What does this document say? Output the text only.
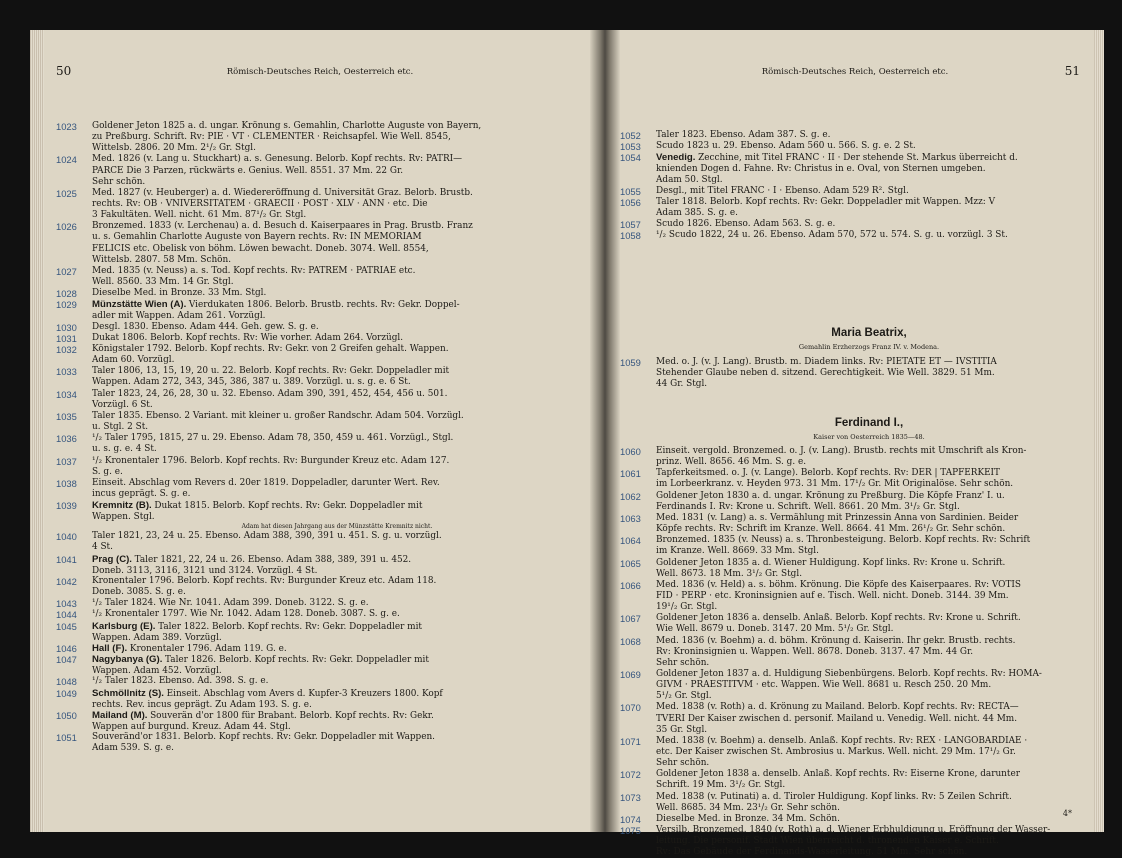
50	Römisch-Deutsches Reich, Oesterreich etc.
1023	Goldener Jeton 1825 a. d. ungar. Krönung s. Gemahlin, Charlotte Auguste von Bayern,
zu Preßburg. Schrift. Rv: PIE · VT · CLEMENTER · Reichsapfel. Wie Well. 8545,
Wittelsb. 2806. 20 Mm. 2¹/₂ Gr. Stgl.
1024	Med. 1826 (v. Lang u. Stuckhart) a. s. Genesung. Belorb. Kopf rechts. Rv: PATRI—
PARCE Die 3 Parzen, rückwärts e. Genius. Well. 8551. 37 Mm. 22 Gr.
Sehr schön.
1025	Med. 1827 (v. Heuberger) a. d. Wiedereröffnung d. Universität Graz. Belorb. Brustb.
rechts. Rv: OB · VNIVERSITATEM · GRAECII · POST · XLV · ANN · etc. Die
3 Fakultäten. Well. nicht. 61 Mm. 87¹/₂ Gr. Stgl.
1026	Bronzemed. 1833 (v. Lerchenau) a. d. Besuch d. Kaiserpaares in Prag. Brustb. Franz
u. s. Gemahlin Charlotte Auguste von Bayern rechts. Rv: IN MEMORIAM
FELICIS etc. Obelisk von böhm. Löwen bewacht. Doneb. 3074. Well. 8554,
Wittelsb. 2807. 58 Mm. Schön.
1027	Med. 1835 (v. Neuss) a. s. Tod. Kopf rechts. Rv: PATREM · PATRIAE etc.
Well. 8560. 33 Mm. 14 Gr. Stgl.
1028	Dieselbe Med. in Bronze. 33 Mm. Stgl.
1029	Münzstätte Wien (A). Vierdukaten 1806. Belorb. Brustb. rechts. Rv: Gekr. Doppel-
adler mit Wappen. Adam 261. Vorzügl.
1030	Desgl. 1830. Ebenso. Adam 444. Geh. gew. S. g. e.
1031	Dukat 1806. Belorb. Kopf rechts. Rv: Wie vorher. Adam 264. Vorzügl.
1032	Königstaler 1792. Belorb. Kopf rechts. Rv: Gekr. von 2 Greifen gehalt. Wappen.
Adam 60. Vorzügl.
1033	Taler 1806, 13, 15, 19, 20 u. 22. Belorb. Kopf rechts. Rv: Gekr. Doppeladler mit
Wappen. Adam 272, 343, 345, 386, 387 u. 389. Vorzügl. u. s. g. e. 6 St.
1034	Taler 1823, 24, 26, 28, 30 u. 32. Ebenso. Adam 390, 391, 452, 454, 456 u. 501.
Vorzügl. 6 St.
1035	Taler 1835. Ebenso. 2 Variant. mit kleiner u. großer Randschr. Adam 504. Vorzügl.
u. Stgl. 2 St.
1036	¹/₂ Taler 1795, 1815, 27 u. 29. Ebenso. Adam 78, 350, 459 u. 461. Vorzügl., Stgl.
u. s. g. e. 4 St.
1037	¹/₂ Kronentaler 1796. Belorb. Kopf rechts. Rv: Burgunder Kreuz etc. Adam 127.
S. g. e.
1038	Einseit. Abschlag vom Revers d. 20er 1819. Doppeladler, darunter Wert. Rev.
incus geprägt. S. g. e.
1039	Kremnitz (B). Dukat 1815. Belorb. Kopf rechts. Rv: Gekr. Doppeladler mit
Wappen. Stgl.
Adam hat diesen Jahrgang aus der Münzstätte Kremnitz nicht.
1040	Taler 1821, 23, 24 u. 25. Ebenso. Adam 388, 390, 391 u. 451. S. g. u. vorzügl.
4 St.
1041	Prag (C). Taler 1821, 22, 24 u. 26. Ebenso. Adam 388, 389, 391 u. 452.
Doneb. 3113, 3116, 3121 und 3124. Vorzügl. 4 St.
1042	Kronentaler 1796. Belorb. Kopf rechts. Rv: Burgunder Kreuz etc. Adam 118.
Doneb. 3085. S. g. e.
1043	¹/₂ Taler 1824. Wie Nr. 1041. Adam 399. Doneb. 3122. S. g. e.
1044	¹/₂ Kronentaler 1797. Wie Nr. 1042. Adam 128. Doneb. 3087. S. g. e.
1045	Karlsburg (E). Taler 1822. Belorb. Kopf rechts. Rv: Gekr. Doppeladler mit
Wappen. Adam 389. Vorzügl.
1046	Hall (F). Kronentaler 1796. Adam 119. G. e.
1047	Nagybanya (G). Taler 1826. Belorb. Kopf rechts. Rv: Gekr. Doppeladler mit
Wappen. Adam 452. Vorzügl.
1048	¹/₂ Taler 1823. Ebenso. Ad. 398. S. g. e.
1049	Schmöllnitz (S). Einseit. Abschlag vom Avers d. Kupfer-3 Kreuzers 1800. Kopf
rechts. Rev. incus geprägt. Zu Adam 193. S. g. e.
1050	Mailand (M). Souverän d'or 1800 für Brabant. Belorb. Kopf rechts. Rv: Gekr.
Wappen auf burgund. Kreuz. Adam 44. Stgl.
1051	Souveränd'or 1831. Belorb. Kopf rechts. Rv: Gekr. Doppeladler mit Wappen.
Adam 539. S. g. e.
Römisch-Deutsches Reich, Oesterreich etc.	51
Maria Beatrix,
Gemahlin Erzherzogs Franz IV. v. Modena.
Ferdinand I.,
Kaiser von Oesterreich 1835—48.
4*
1052	Taler 1823. Ebenso. Adam 387. S. g. e.
1053	Scudo 1823 u. 29. Ebenso. Adam 560 u. 566. S. g. e. 2 St.
1054	Venedig. Zecchine, mit Titel FRANC · II · Der stehende St. Markus überreicht d.
knienden Dogen d. Fahne. Rv: Christus in e. Oval, von Sternen umgeben.
Adam 50. Stgl.
1055	Desgl., mit Titel FRANC · I · Ebenso. Adam 529 R². Stgl.
1056	Taler 1818. Belorb. Kopf rechts. Rv: Gekr. Doppeladler mit Wappen. Mzz: V
Adam 385. S. g. e.
1057	Scudo 1826. Ebenso. Adam 563. S. g. e.
1058	¹/₂ Scudo 1822, 24 u. 26. Ebenso. Adam 570, 572 u. 574. S. g. u. vorzügl. 3 St.
1059	Med. o. J. (v. J. Lang). Brustb. m. Diadem links. Rv: PIETATE ET — IVSTITIA
Stehender Glaube neben d. sitzend. Gerechtigkeit. Wie Well. 3829. 51 Mm.
44 Gr. Stgl.
1060	Einseit. vergold. Bronzemed. o. J. (v. Lang). Brustb. rechts mit Umschrift als Kron-
prinz. Well. 8656. 46 Mm. S. g. e.
1061	Tapferkeitsmed. o. J. (v. Lange). Belorb. Kopf rechts. Rv: DER | TAPFERKEIT
im Lorbeerkranz. v. Heyden 973. 31 Mm. 17¹/₂ Gr. Mit Originalöse. Sehr schön.
1062	Goldener Jeton 1830 a. d. ungar. Krönung zu Preßburg. Die Köpfe Franz' I. u.
Ferdinands I. Rv: Krone u. Schrift. Well. 8661. 20 Mm. 3¹/₂ Gr. Stgl.
1063	Med. 1831 (v. Lang) a. s. Vermählung mit Prinzessin Anna von Sardinien. Beider
Köpfe rechts. Rv: Schrift im Kranze. Well. 8664. 41 Mm. 26¹/₂ Gr. Sehr schön.
1064	Bronzemed. 1835 (v. Neuss) a. s. Thronbesteigung. Belorb. Kopf rechts. Rv: Schrift
im Kranze. Well. 8669. 33 Mm. Stgl.
1065	Goldener Jeton 1835 a. d. Wiener Huldigung. Kopf links. Rv: Krone u. Schrift.
Well. 8673. 18 Mm. 3¹/₂ Gr. Stgl.
1066	Med. 1836 (v. Held) a. s. böhm. Krönung. Die Köpfe des Kaiserpaares. Rv: VOTIS
FID · PERP · etc. Kroninsignien auf e. Tisch. Well. nicht. Doneb. 3144. 39 Mm.
19¹/₂ Gr. Stgl.
1067	Goldener Jeton 1836 a. denselb. Anlaß. Belorb. Kopf rechts. Rv: Krone u. Schrift.
Wie Well. 8679 u. Doneb. 3147. 20 Mm. 5¹/₂ Gr. Stgl.
1068	Med. 1836 (v. Boehm) a. d. böhm. Krönung d. Kaiserin. Ihr gekr. Brustb. rechts.
Rv: Kroninsignien u. Wappen. Well. 8678. Doneb. 3137. 47 Mm. 44 Gr.
Sehr schön.
1069	Goldener Jeton 1837 a. d. Huldigung Siebenbürgens. Belorb. Kopf rechts. Rv: HOMA-
GIVM · PRAESTITVM · etc. Wappen. Wie Well. 8681 u. Resch 250. 20 Mm.
5¹/₂ Gr. Stgl.
1070	Med. 1838 (v. Roth) a. d. Krönung zu Mailand. Belorb. Kopf rechts. Rv: RECTA—
TVERI Der Kaiser zwischen d. personif. Mailand u. Venedig. Well. nicht. 44 Mm.
35 Gr. Stgl.
1071	Med. 1838 (v. Boehm) a. denselb. Anlaß. Kopf rechts. Rv: REX · LANGOBARDIAE ·
etc. Der Kaiser zwischen St. Ambrosius u. Markus. Well. nicht. 29 Mm. 17¹/₂ Gr.
Sehr schön.
1072	Goldener Jeton 1838 a. denselb. Anlaß. Kopf rechts. Rv: Eiserne Krone, darunter
Schrift. 19 Mm. 3¹/₂ Gr. Stgl.
1073	Med. 1838 (v. Putinati) a. d. Tiroler Huldigung. Kopf links. Rv: 5 Zeilen Schrift.
Well. 8685. 34 Mm. 23¹/₂ Gr. Sehr schön.
1074	Dieselbe Med. in Bronze. 34 Mm. Schön.
1075	Versilb. Bronzemed. 1840 (v. Roth) a. d. Wiener Erbhuldigung u. Eröffnung der Wasser-
leitung. Die personif. Stadt Wien überreicht d. thronenden Kaiser e. Schrift.
Rv: Das Gebäude der Ferdinands-Wasserleitung. 51 Mm. Sehr schön.
